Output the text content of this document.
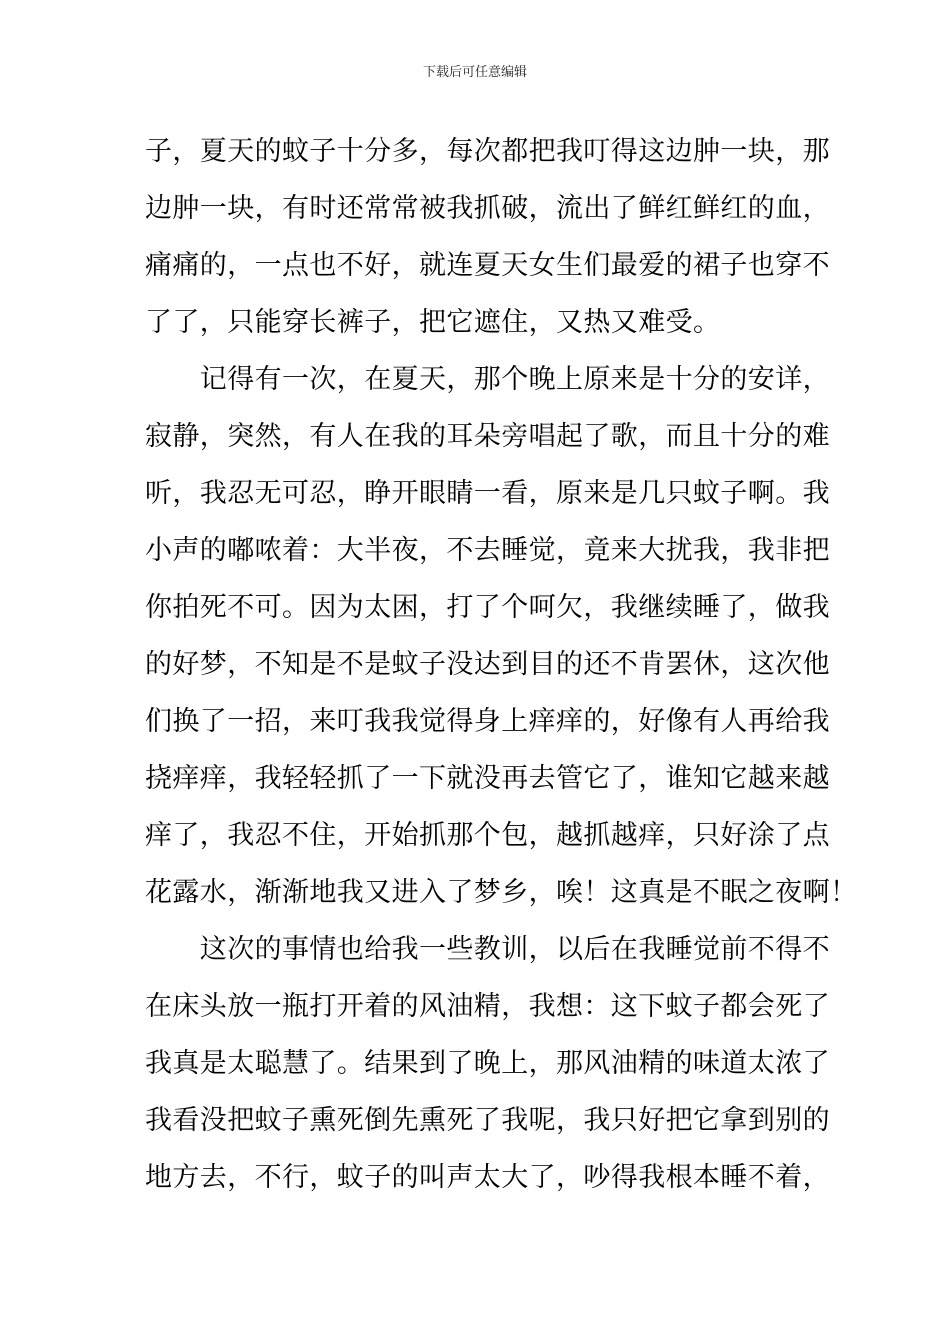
下载后可任意编辑
子，夏天的蚊子十分多，每次都把我叮得这边肿一块，那
边肿一块，有时还常常被我抓破，流出了鲜红鲜红的血，
痛痛的，一点也不好，就连夏天女生们最爱的裙子也穿不
了了，只能穿长裤子，把它遮住，又热又难受。
　　记得有一次，在夏天，那个晚上原来是十分的安详，
寂静，突然，有人在我的耳朵旁唱起了歌，而且十分的难
听，我忍无可忍，睁开眼睛一看，原来是几只蚊子啊。我
小声的嘟哝着：大半夜，不去睡觉，竟来大扰我，我非把
你拍死不可。因为太困，打了个呵欠，我继续睡了，做我
的好梦，不知是不是蚊子没达到目的还不肯罢休，这次他
们换了一招，来叮我我觉得身上痒痒的，好像有人再给我
挠痒痒，我轻轻抓了一下就没再去管它了，谁知它越来越
痒了，我忍不住，开始抓那个包，越抓越痒，只好涂了点
花露水，渐渐地我又进入了梦乡，唉！这真是不眠之夜啊！
　　这次的事情也给我一些教训，以后在我睡觉前不得不
在床头放一瓶打开着的风油精，我想：这下蚊子都会死了
我真是太聪慧了。结果到了晚上，那风油精的味道太浓了
我看没把蚊子熏死倒先熏死了我呢，我只好把它拿到别的
地方去，不行，蚊子的叫声太大了，吵得我根本睡不着，
